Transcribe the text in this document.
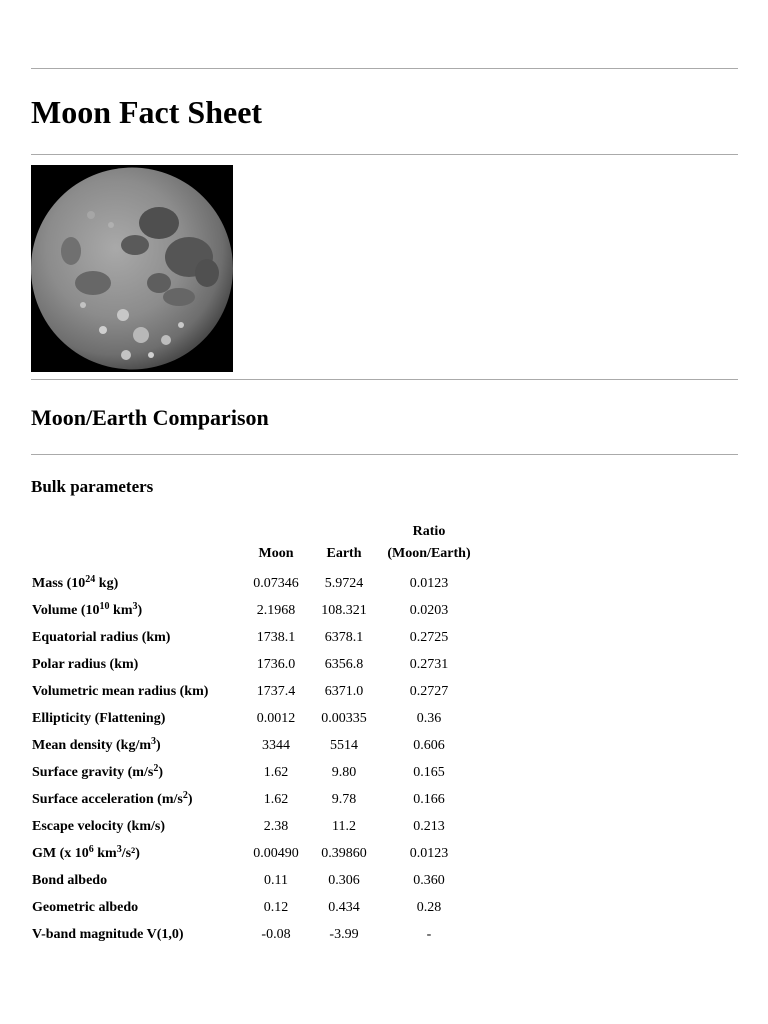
Moon Fact Sheet
Moon/Earth Comparison
Bulk parameters
Ratio
	Moon	Earth	(Moon/Earth)
Mass ($10^{24}$ kg)	0.07346	5.9724	0.0123
Volume ($10^{10}$ $km^3$)	2.1968	108.321	0.0203
Equatorial radius (km)	1738.1	6378.1	0.2725
Polar radius (km)	1736.0	6356.8	0.2731
Volumetric mean radius (km)	1737.4	6371.0	0.2727
Ellipticity (Flattening)	0.0012	0.00335	0.36
Mean density $(kg/m^3)$	3344	5514	0.606
Surface gravity $(m/s^2)$	1.62	9.80	0.165
Surface acceleration $(m/s^2)$	1.62	9.78	0.166
Escape velocity (km/s)	2.38	11.2	0.213
GM (x $10^6$ $km^3/s^2$)	0.00490	0.39860	0.0123
Bond albedo	0.11	0.306	0.360
Geometric albedo	0.12	0.434	0.28
V-band magnitude V(1,0)	-0.08	-3.99	-
